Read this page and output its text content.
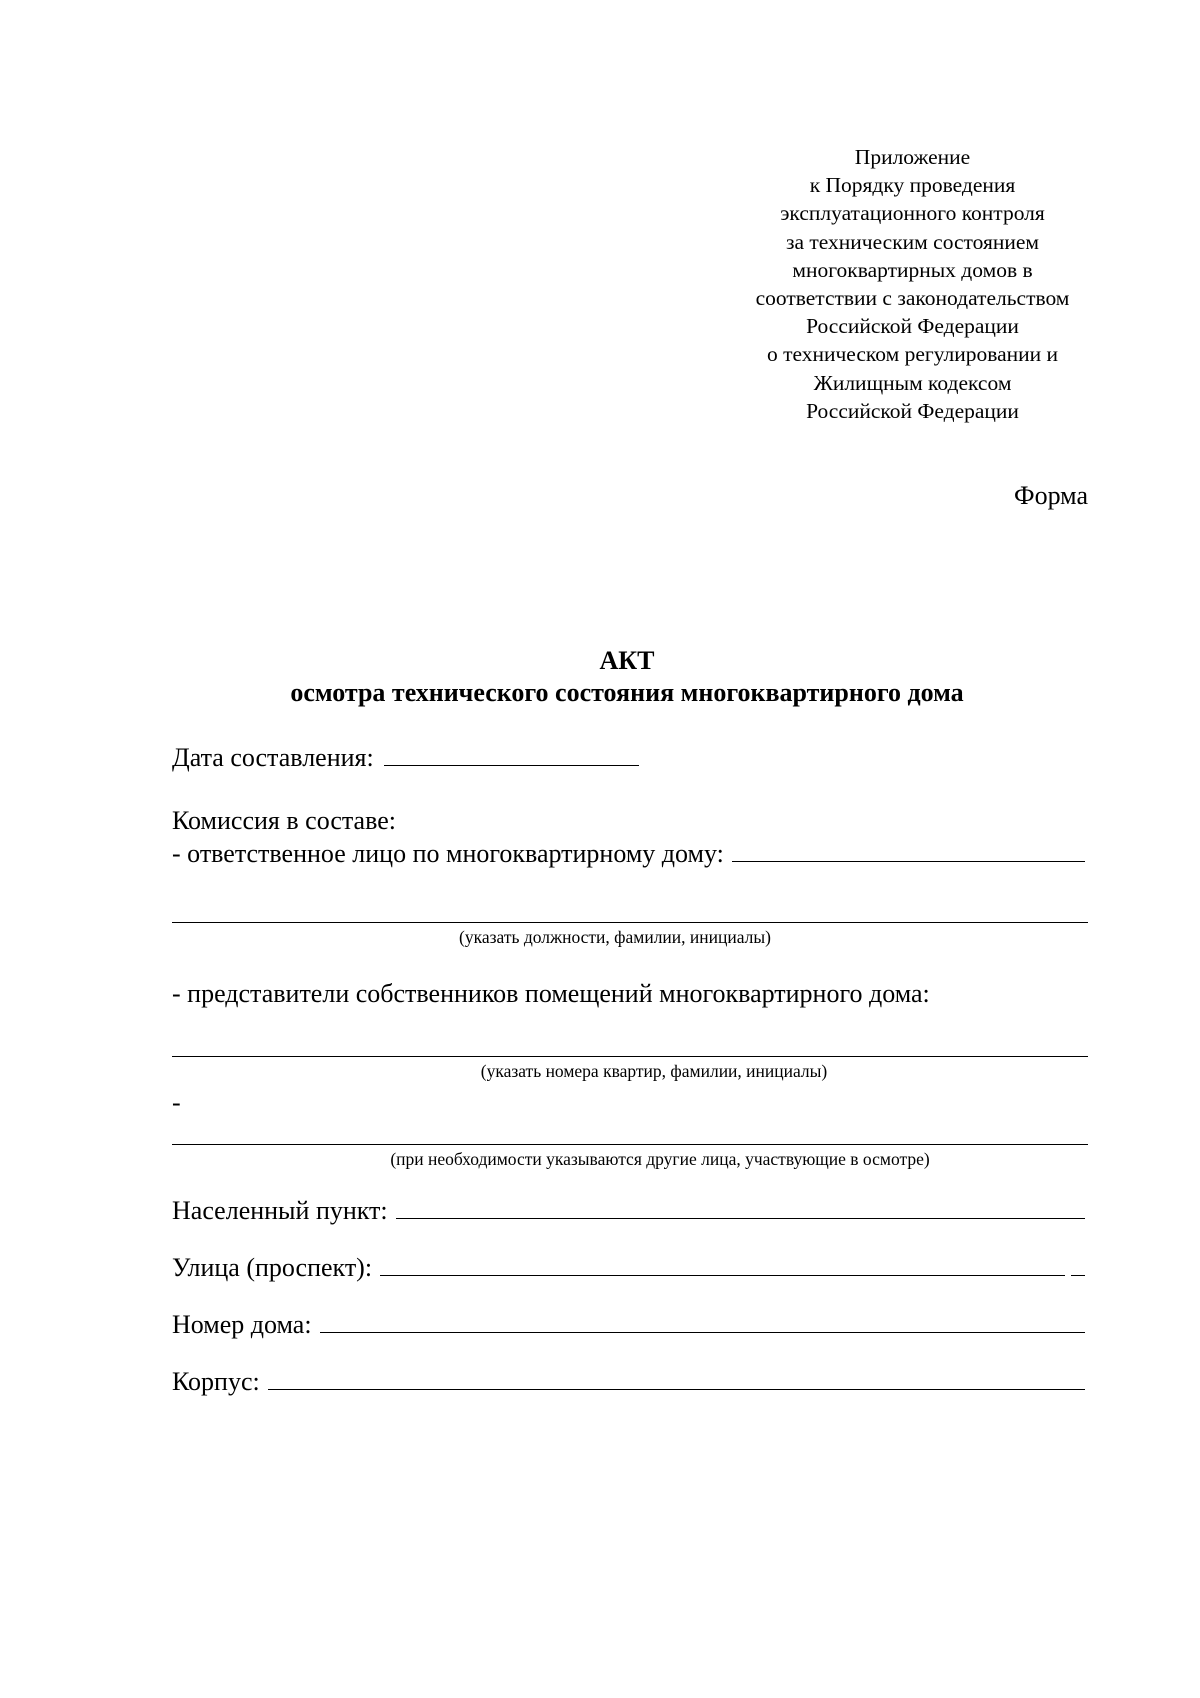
Приложение
к Порядку проведения
эксплуатационного контроля
за техническим состоянием
многоквартирных домов в
соответствии с законодательством
Российской Федерации
о техническом регулировании и
Жилищным кодексом
Российской Федерации
Форма
АКТ
осмотра технического состояния многоквартирного дома
Дата составления:
Комиссия в составе:
- ответственное лицо по многоквартирному дому:
(указать должности, фамилии, инициалы)
- представители собственников помещений многоквартирного дома:
(указать номера квартир, фамилии, инициалы)
-
(при необходимости указываются другие лица, участвующие в осмотре)
Населенный пункт:
Улица (проспект):
Номер дома:
Корпус:
